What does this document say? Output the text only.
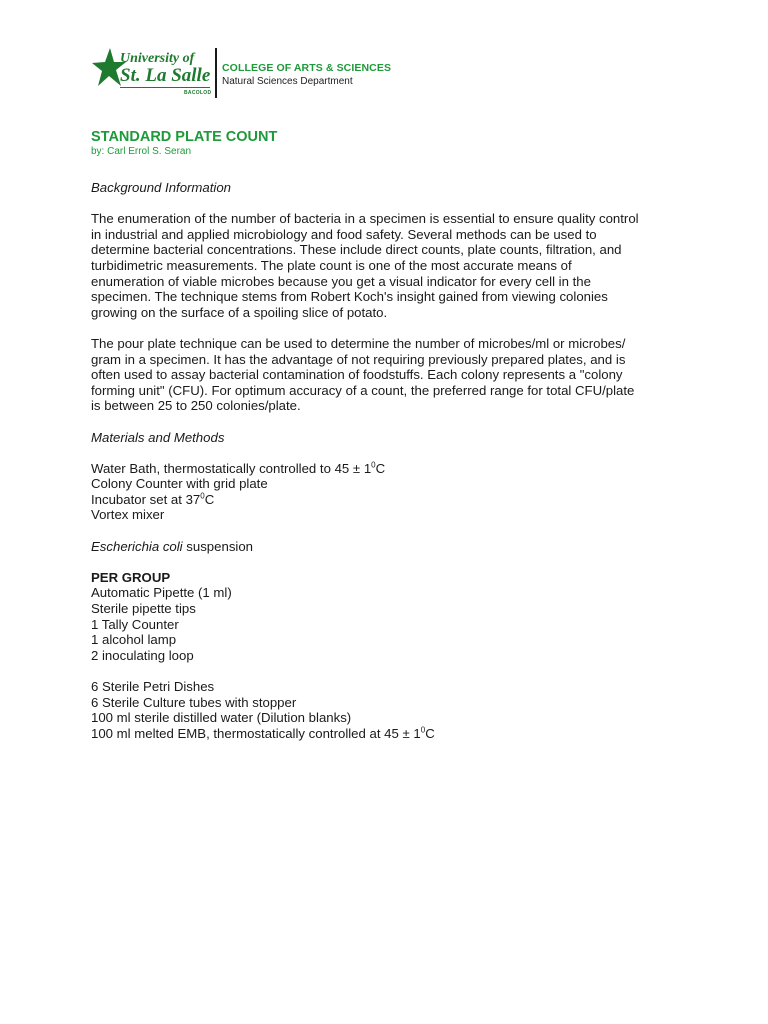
University of
St. La Salle
BACOLOD
COLLEGE OF ARTS & SCIENCES
Natural Sciences Department

STANDARD PLATE COUNT

by: Carl Errol S. Seran

Background Information

The enumeration of the number of bacteria in a specimen is essential to ensure quality control

in industrial and applied microbiology and food safety. Several methods can be used to

determine bacterial concentrations. These include direct counts, plate counts, filtration, and

turbidimetric measurements. The plate count is one of the most accurate means of

enumeration of viable microbes because you get a visual indicator for every cell in the

specimen. The technique stems from Robert Koch's insight gained from viewing colonies

growing on the surface of a spoiling slice of potato.

The pour plate technique can be used to determine the number of microbes/ml or microbes/

gram in a specimen. It has the advantage of not requiring previously prepared plates, and is

often used to assay bacterial contamination of foodstuffs. Each colony represents a "colony

forming unit" (CFU). For optimum accuracy of a count, the preferred range for total CFU/plate

is between 25 to 250 colonies/plate.

Materials and Methods

Water Bath, thermostatically controlled to $45 \pm 1^0C$

Colony Counter with grid plate

Incubator set at $37^0C$

Vortex mixer

Escherichia coli suspension

PER GROUP

Automatic Pipette (1 ml)

Sterile pipette tips

1 Tally Counter

1 alcohol lamp

2 inoculating loop

6 Sterile Petri Dishes

6 Sterile Culture tubes with stopper

100 ml sterile distilled water (Dilution blanks)

100 ml melted EMB, thermostatically controlled at $45 \pm 1^0C$
